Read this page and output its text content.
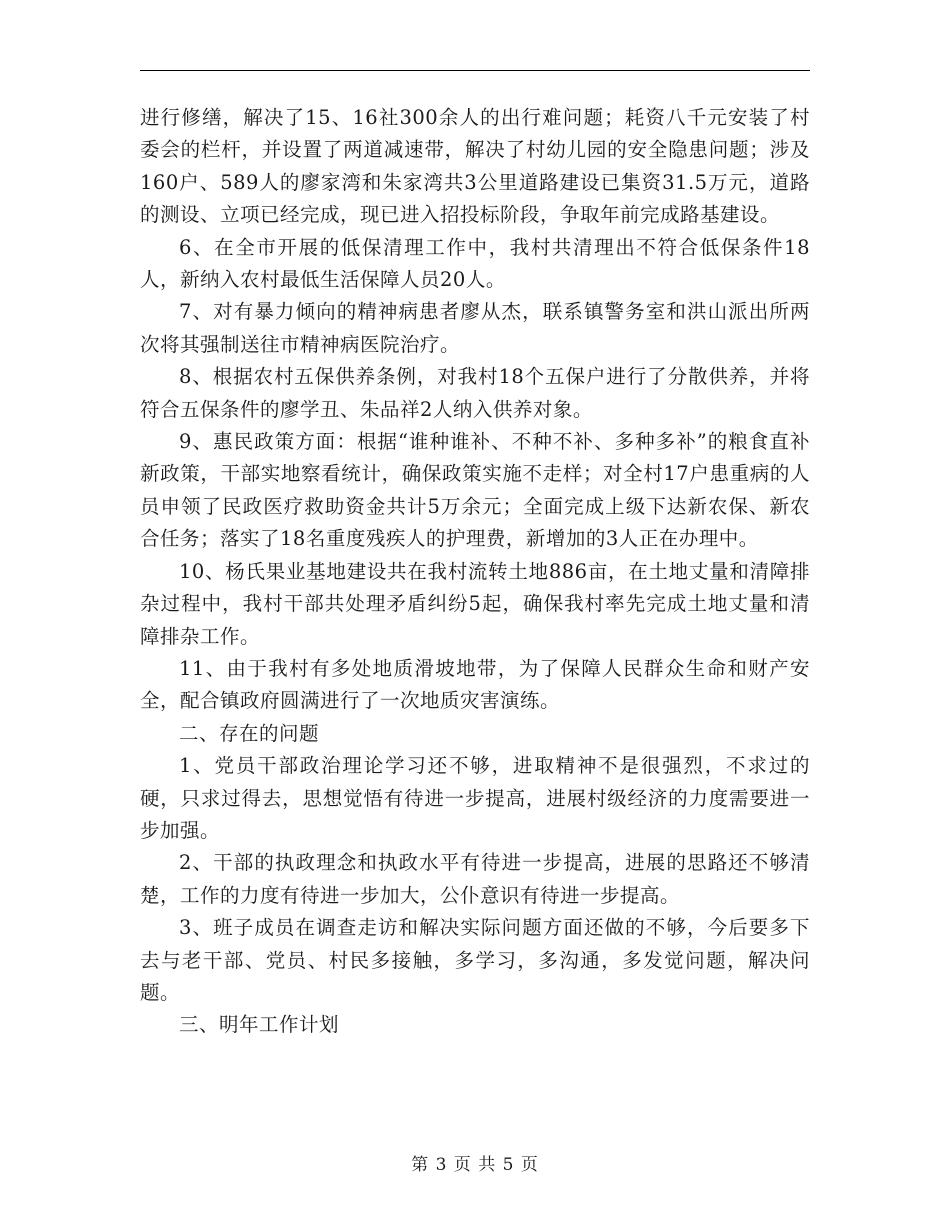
进行修缮，解决了15、16社300余人的出行难问题；耗资八千元安装了村委会的栏杆，并设置了两道减速带，解决了村幼儿园的安全隐患问题；涉及160户、589人的廖家湾和朱家湾共3公里道路建设已集资31.5万元，道路的测设、立项已经完成，现已进入招投标阶段，争取年前完成路基建设。

6、在全市开展的低保清理工作中，我村共清理出不符合低保条件18人，新纳入农村最低生活保障人员20人。

7、对有暴力倾向的精神病患者廖从杰，联系镇警务室和洪山派出所两次将其强制送往市精神病医院治疗。

8、根据农村五保供养条例，对我村18个五保户进行了分散供养，并将符合五保条件的廖学丑、朱品祥2人纳入供养对象。

9、惠民政策方面：根据“谁种谁补、不种不补、多种多补”的粮食直补新政策，干部实地察看统计，确保政策实施不走样；对全村17户患重病的人员申领了民政医疗救助资金共计5万余元；全面完成上级下达新农保、新农合任务；落实了18名重度残疾人的护理费，新增加的3人正在办理中。

10、杨氏果业基地建设共在我村流转土地886亩，在土地丈量和清障排杂过程中，我村干部共处理矛盾纠纷5起，确保我村率先完成土地丈量和清障排杂工作。

11、由于我村有多处地质滑坡地带，为了保障人民群众生命和财产安全，配合镇政府圆满进行了一次地质灾害演练。

二、存在的问题

1、党员干部政治理论学习还不够，进取精神不是很强烈，不求过的硬，只求过得去，思想觉悟有待进一步提高，进展村级经济的力度需要进一步加强。

2、干部的执政理念和执政水平有待进一步提高，进展的思路还不够清楚，工作的力度有待进一步加大，公仆意识有待进一步提高。

3、班子成员在调查走访和解决实际问题方面还做的不够，今后要多下去与老干部、党员、村民多接触，多学习，多沟通，多发觉问题，解决问题。

三、明年工作计划

第 3 页 共 5 页
